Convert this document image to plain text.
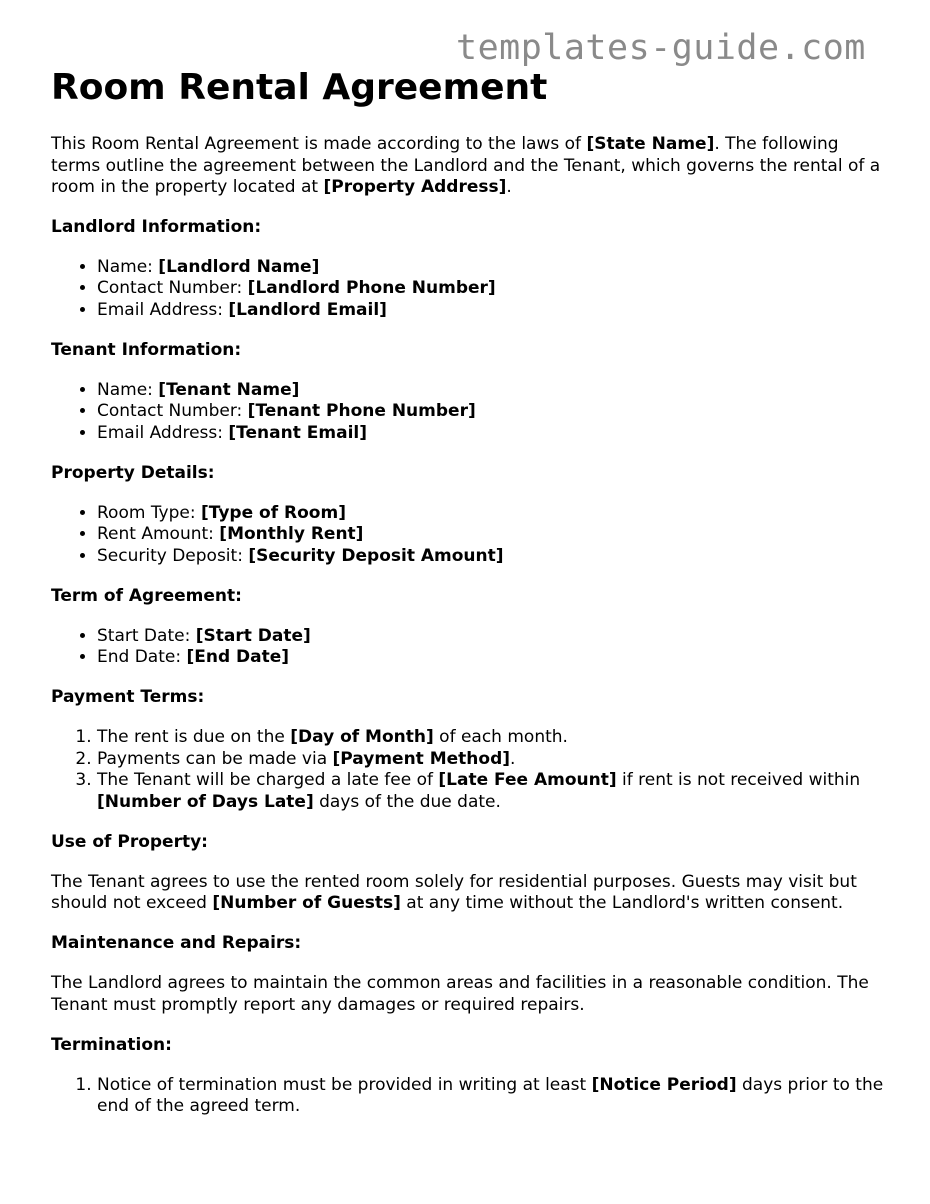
templates-guide.com
Room Rental Agreement

This Room Rental Agreement is made according to the laws of [State Name]. The following terms outline the agreement between the Landlord and the Tenant, which governs the rental of a room in the property located at [Property Address].

Landlord Information:
• Name: [Landlord Name]
• Contact Number: [Landlord Phone Number]
• Email Address: [Landlord Email]
Tenant Information:
• Name: [Tenant Name]
• Contact Number: [Tenant Phone Number]
• Email Address: [Tenant Email]
Property Details:
• Room Type: [Type of Room]
• Rent Amount: [Monthly Rent]
• Security Deposit: [Security Deposit Amount]
Term of Agreement:
• Start Date: [Start Date]
• End Date: [End Date]
Payment Terms:
1. The rent is due on the [Day of Month] of each month.
2. Payments can be made via [Payment Method].
3. The Tenant will be charged a late fee of [Late Fee Amount] if rent is not received within [Number of Days Late] days of the due date.
Use of Property:

The Tenant agrees to use the rented room solely for residential purposes. Guests may visit but should not exceed [Number of Guests] at any time without the Landlord's written consent.

Maintenance and Repairs:

The Landlord agrees to maintain the common areas and facilities in a reasonable condition. The Tenant must promptly report any damages or required repairs.

Termination:
1. Notice of termination must be provided in writing at least [Notice Period] days prior to the end of the agreed term.
